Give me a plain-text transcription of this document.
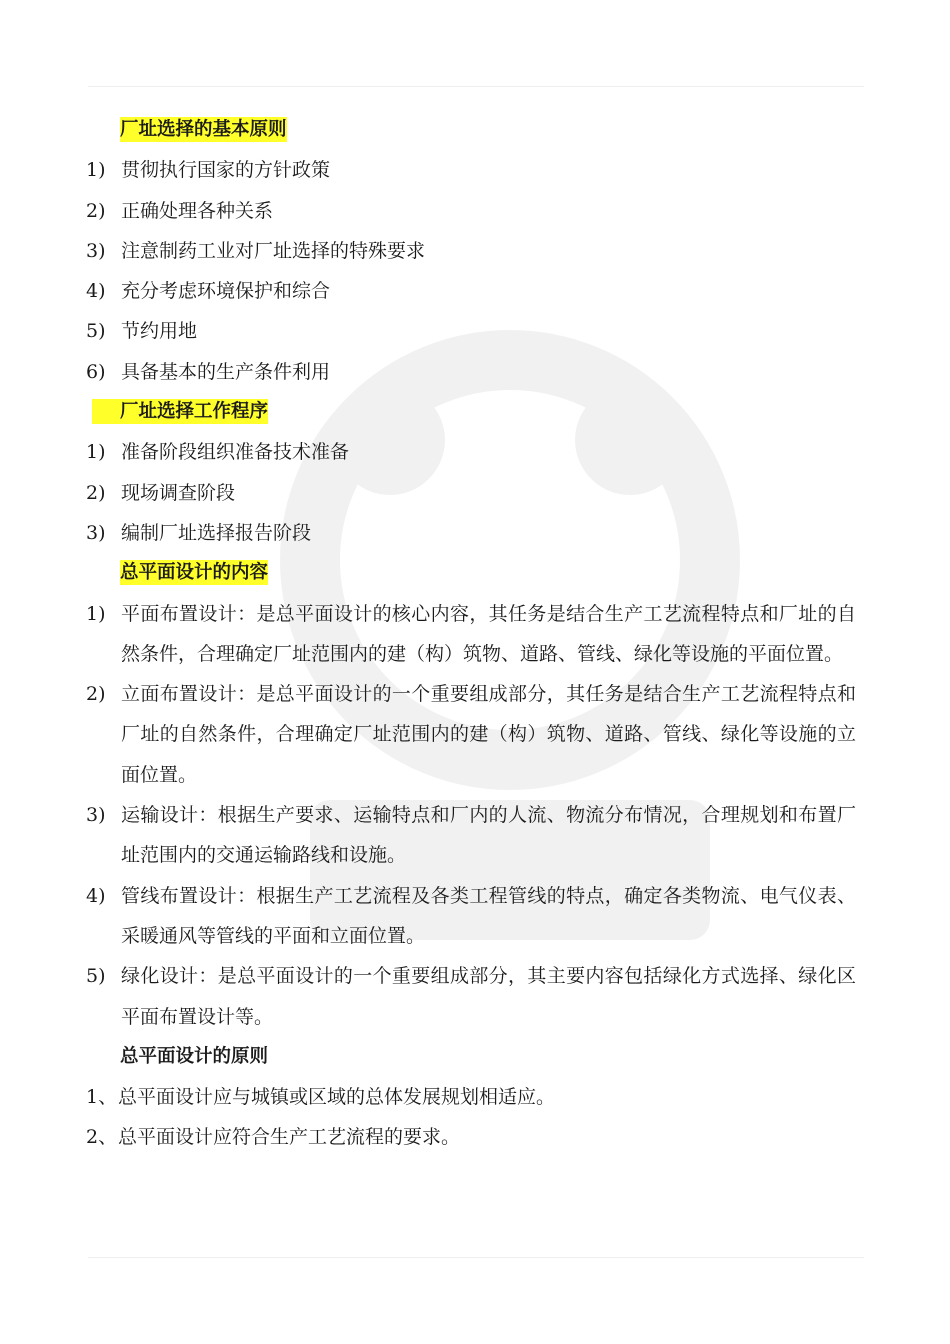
厂址选择的基本原则
1) 贯彻执行国家的方针政策
2) 正确处理各种关系
3) 注意制药工业对厂址选择的特殊要求
4) 充分考虑环境保护和综合
5) 节约用地
6) 具备基本的生产条件利用
厂址选择工作程序
1) 准备阶段组织准备技术准备
2) 现场调查阶段
3) 编制厂址选择报告阶段
总平面设计的内容
1) 平面布置设计：是总平面设计的核心内容，其任务是结合生产工艺流程特点和厂址的自然条件，合理确定厂址范围内的建（构）筑物、道路、管线、绿化等设施的平面位置。
2) 立面布置设计：是总平面设计的一个重要组成部分，其任务是结合生产工艺流程特点和厂址的自然条件，合理确定厂址范围内的建（构）筑物、道路、管线、绿化等设施的立面位置。
3) 运输设计：根据生产要求、运输特点和厂内的人流、物流分布情况，合理规划和布置厂址范围内的交通运输路线和设施。
4) 管线布置设计：根据生产工艺流程及各类工程管线的特点，确定各类物流、电气仪表、采暖通风等管线的平面和立面位置。
5) 绿化设计：是总平面设计的一个重要组成部分，其主要内容包括绿化方式选择、绿化区平面布置设计等。
总平面设计的原则
1、 总平面设计应与城镇或区域的总体发展规划相适应。
2、 总平面设计应符合生产工艺流程的要求。
